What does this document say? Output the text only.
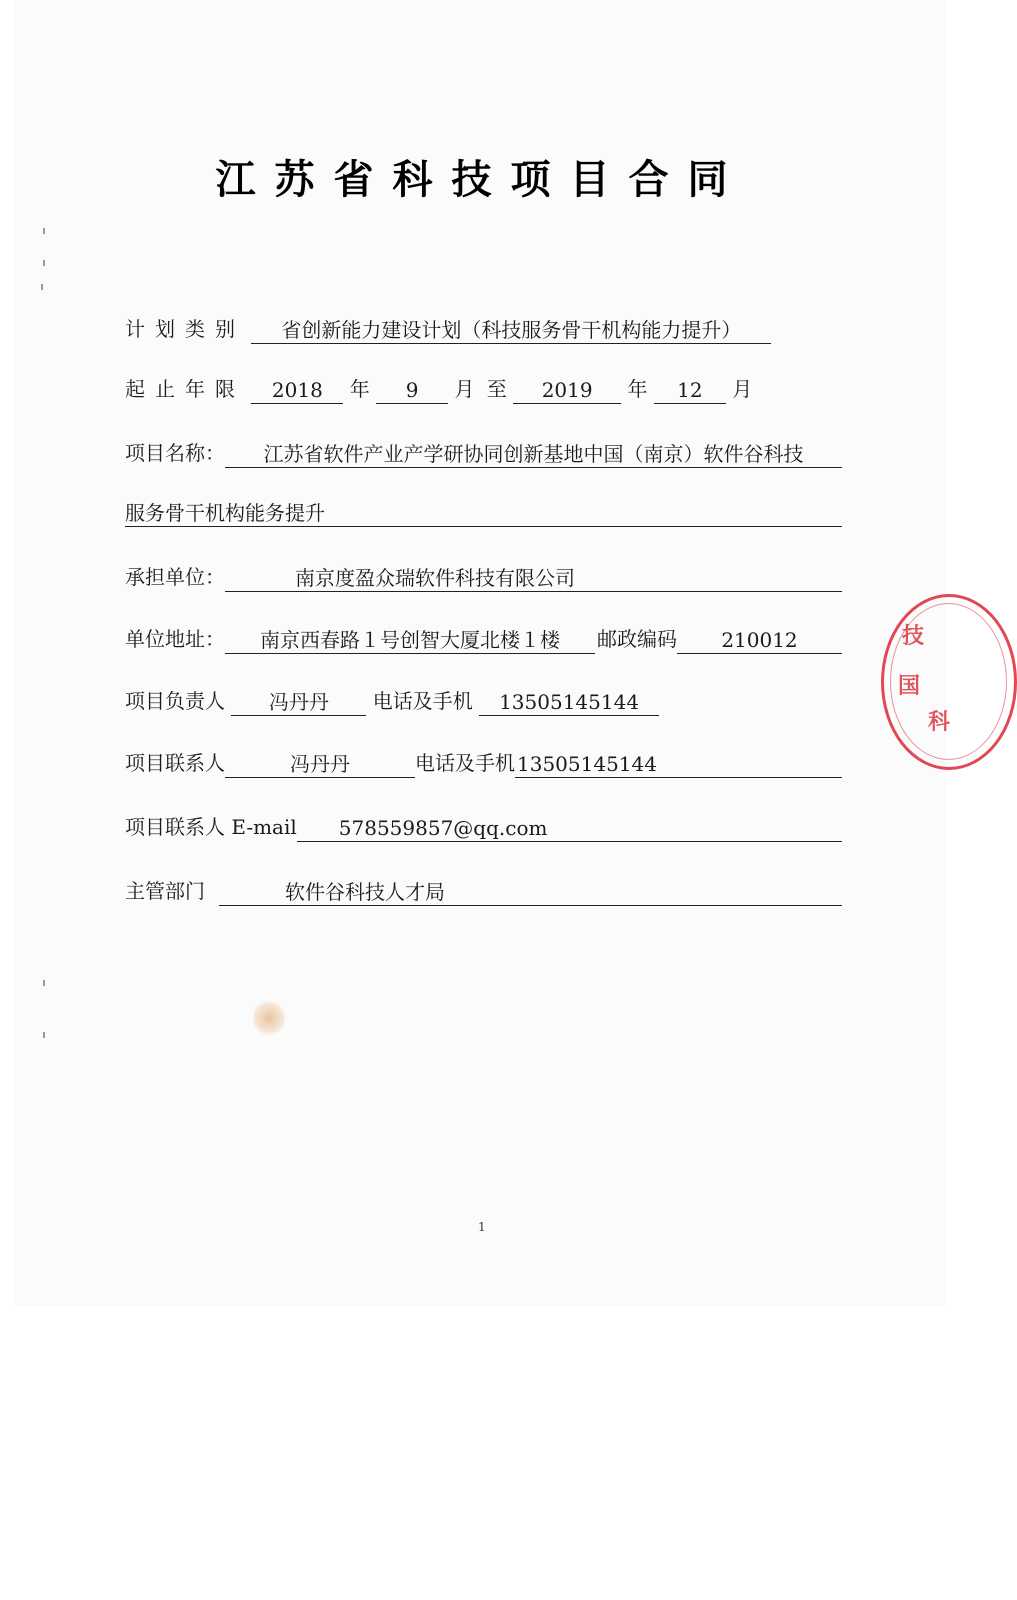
江苏省科技项目合同
计划类别 省创新能力建设计划（科技服务骨干机构能力提升）
起止年限 2018 年 9 月 至 2019 年 12 月
项目名称：	江苏省软件产业产学研协同创新基地中国（南京）软件谷科技
服务骨干机构能务提升
承担单位：	南京度盈众瑞软件科技有限公司
单位地址：	南京西春路１号创智大厦北楼１楼	邮政编码	210012
项目负责人 冯丹丹 电话及手机 13505145144
项目联系人	冯丹丹	电话及手机 13505145144
项目联系人 E-mail	578559857@qq.com
主管部门	软件谷科技人才局
1
技
国
科
